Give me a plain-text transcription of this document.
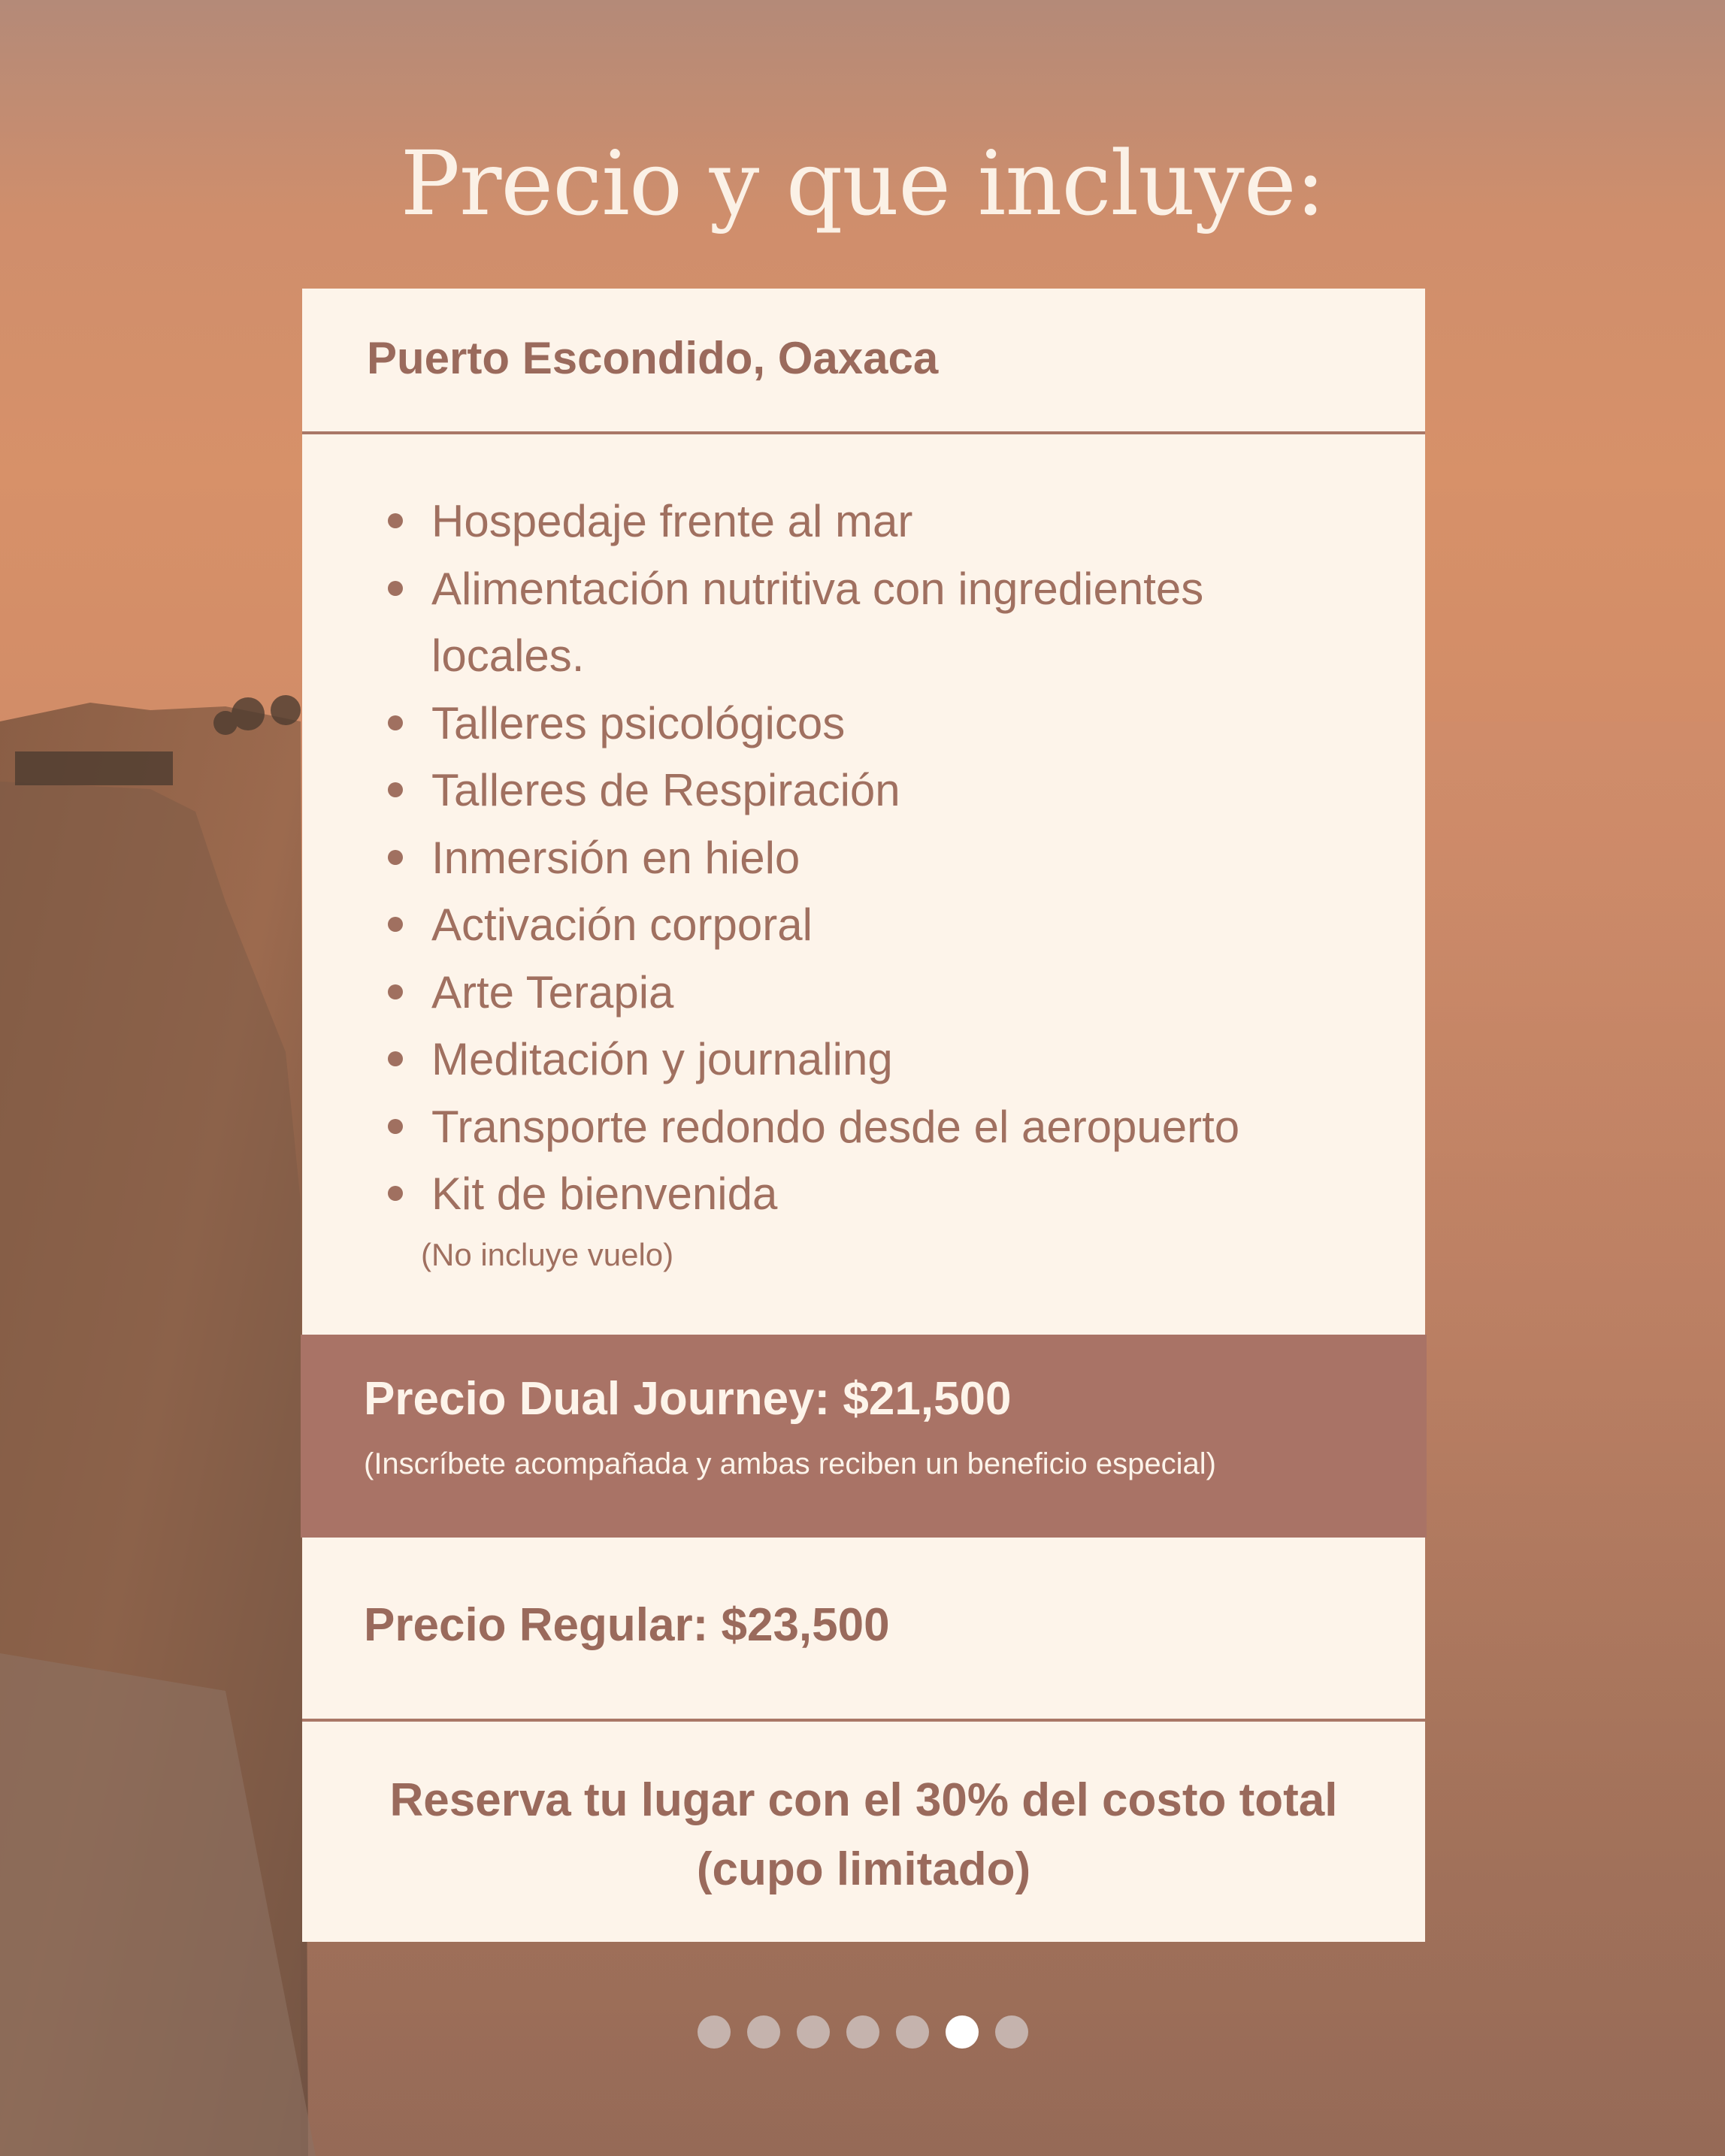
Precio y que incluye:
Puerto Escondido, Oaxaca
Hospedaje frente al mar
Alimentación nutritiva con ingredientes locales.
Talleres psicológicos
Talleres de Respiración
Inmersión en hielo
Activación corporal
Arte Terapia
Meditación y journaling
Transporte redondo desde el aeropuerto
Kit de bienvenida
(No incluye vuelo)
Precio Dual Journey: $21,500
(Inscríbete acompañada y ambas reciben un beneficio especial)
Precio Regular: $23,500
Reserva tu lugar con el 30% del costo total
(cupo limitado)
